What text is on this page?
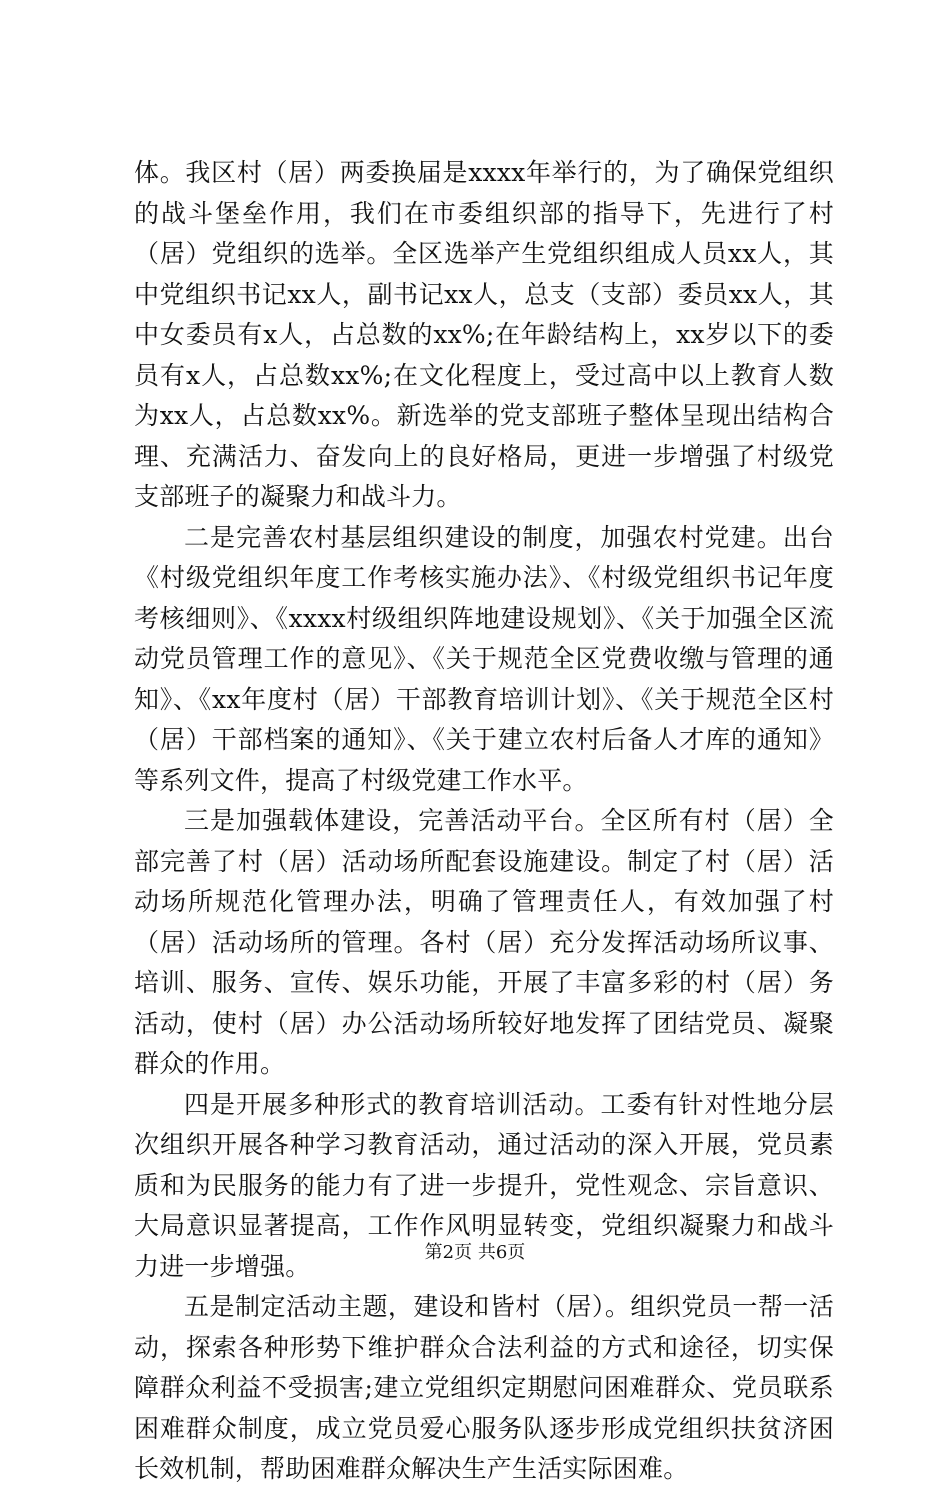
体。我区村（居）两委换届是xxxx年举行的，为了确保党组织的战斗堡垒作用，我们在市委组织部的指导下，先进行了村（居）党组织的选举。全区选举产生党组织组成人员xx人，其中党组织书记xx人，副书记xx人，总支（支部）委员xx人，其中女委员有x人，占总数的xx%;在年龄结构上，xx岁以下的委员有x人，占总数xx%;在文化程度上，受过高中以上教育人数为xx人，占总数xx%。新选举的党支部班子整体呈现出结构合理、充满活力、奋发向上的良好格局，更进一步增强了村级党支部班子的凝聚力和战斗力。

二是完善农村基层组织建设的制度，加强农村党建。出台《村级党组织年度工作考核实施办法》、《村级党组织书记年度考核细则》、《xxxx村级组织阵地建设规划》、《关于加强全区流动党员管理工作的意见》、《关于规范全区党费收缴与管理的通知》、《xx年度村（居）干部教育培训计划》、《关于规范全区村（居）干部档案的通知》、《关于建立农村后备人才库的通知》等系列文件，提高了村级党建工作水平。

三是加强载体建设，完善活动平台。全区所有村（居）全部完善了村（居）活动场所配套设施建设。制定了村（居）活动场所规范化管理办法，明确了管理责任人，有效加强了村（居）活动场所的管理。各村（居）充分发挥活动场所议事、培训、服务、宣传、娱乐功能，开展了丰富多彩的村（居）务活动，使村（居）办公活动场所较好地发挥了团结党员、凝聚群众的作用。

四是开展多种形式的教育培训活动。工委有针对性地分层次组织开展各种学习教育活动，通过活动的深入开展，党员素质和为民服务的能力有了进一步提升，党性观念、宗旨意识、大局意识显著提高，工作作风明显转变，党组织凝聚力和战斗力进一步增强。

五是制定活动主题，建设和皆村（居）。组织党员一帮一活动，探索各种形势下维护群众合法利益的方式和途径，切实保障群众利益不受损害;建立党组织定期慰问困难群众、党员联系困难群众制度，成立党员爱心服务队逐步形成党组织扶贫济困长效机制，帮助困难群众解决生产生活实际困难。

第2页 共6页
